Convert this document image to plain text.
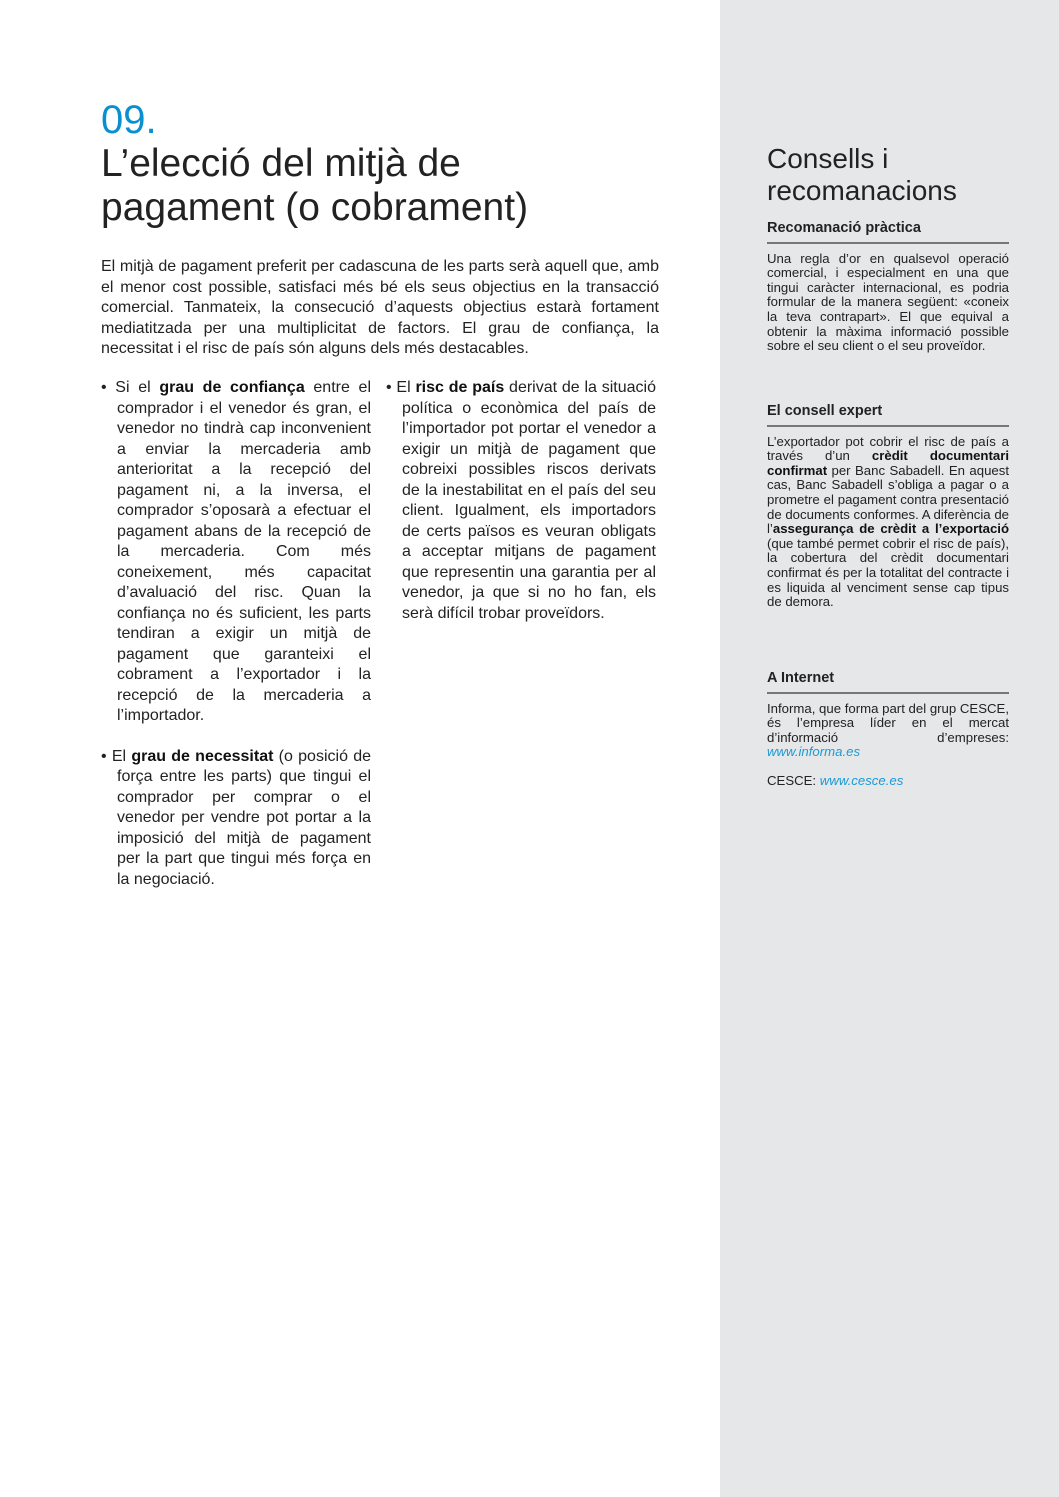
09.
L’elecció del mitjà de
pagament (o cobrament)

El mitjà de pagament preferit per cadascuna de les parts serà aquell que, amb el menor cost possible, satisfaci més bé els seus objectius en la transacció comercial. Tanmateix, la consecució d’aquests objectius estarà fortament mediatitzada per una multiplicitat de factors. El grau de confiança, la necessitat i el risc de país són alguns dels més destacables.

• Si el grau de confiança entre el comprador i el venedor és gran, el venedor no tindrà cap inconvenient a enviar la mercaderia amb anterioritat a la recepció del pagament ni, a la inversa, el comprador s’oposarà a efectuar el pagament abans de la recepció de la mercaderia. Com més coneixement, més capacitat d’avaluació del risc. Quan la confiança no és suficient, les parts tendiran a exigir un mitjà de pagament que garanteixi el cobrament a l’exportador i la recepció de la mercaderia a l’importador.

• El grau de necessitat (o posició de força entre les parts) que tingui el comprador per comprar o el venedor per vendre pot portar a la imposició del mitjà de pagament per la part que tingui més força en la negociació.

• El risc de país derivat de la situació política o econòmica del país de l’importador pot portar el venedor a exigir un mitjà de pagament que cobreixi possibles riscos derivats de la inestabilitat en el país del seu client. Igualment, els importadors de certs països es veuran obligats a acceptar mitjans de pagament que representin una garantia per al venedor, ja que si no ho fan, els serà difícil trobar proveïdors.

Consells i recomanacions
Recomanació pràctica

Una regla d’or en qualsevol operació comercial, i especialment en una que tingui caràcter internacional, es podria formular de la manera següent: «coneix la teva contrapart». El que equival a obtenir la màxima informació possible sobre el seu client o el seu proveïdor.

El consell expert

L’exportador pot cobrir el risc de país a través d’un crèdit documentari confirmat per Banc Sabadell. En aquest cas, Banc Sabadell s’obliga a pagar o a prometre el pagament contra presentació de documents conformes. A diferència de l’assegurança de crèdit a l’exportació (que també permet cobrir el risc de país), la cobertura del crèdit documentari confirmat és per la totalitat del contracte i es liquida al venciment sense cap tipus de demora.

A Internet

Informa, que forma part del grup CESCE, és l’empresa líder en el mercat d’informació d’empreses: www.informa.es

CESCE: www.cesce.es
